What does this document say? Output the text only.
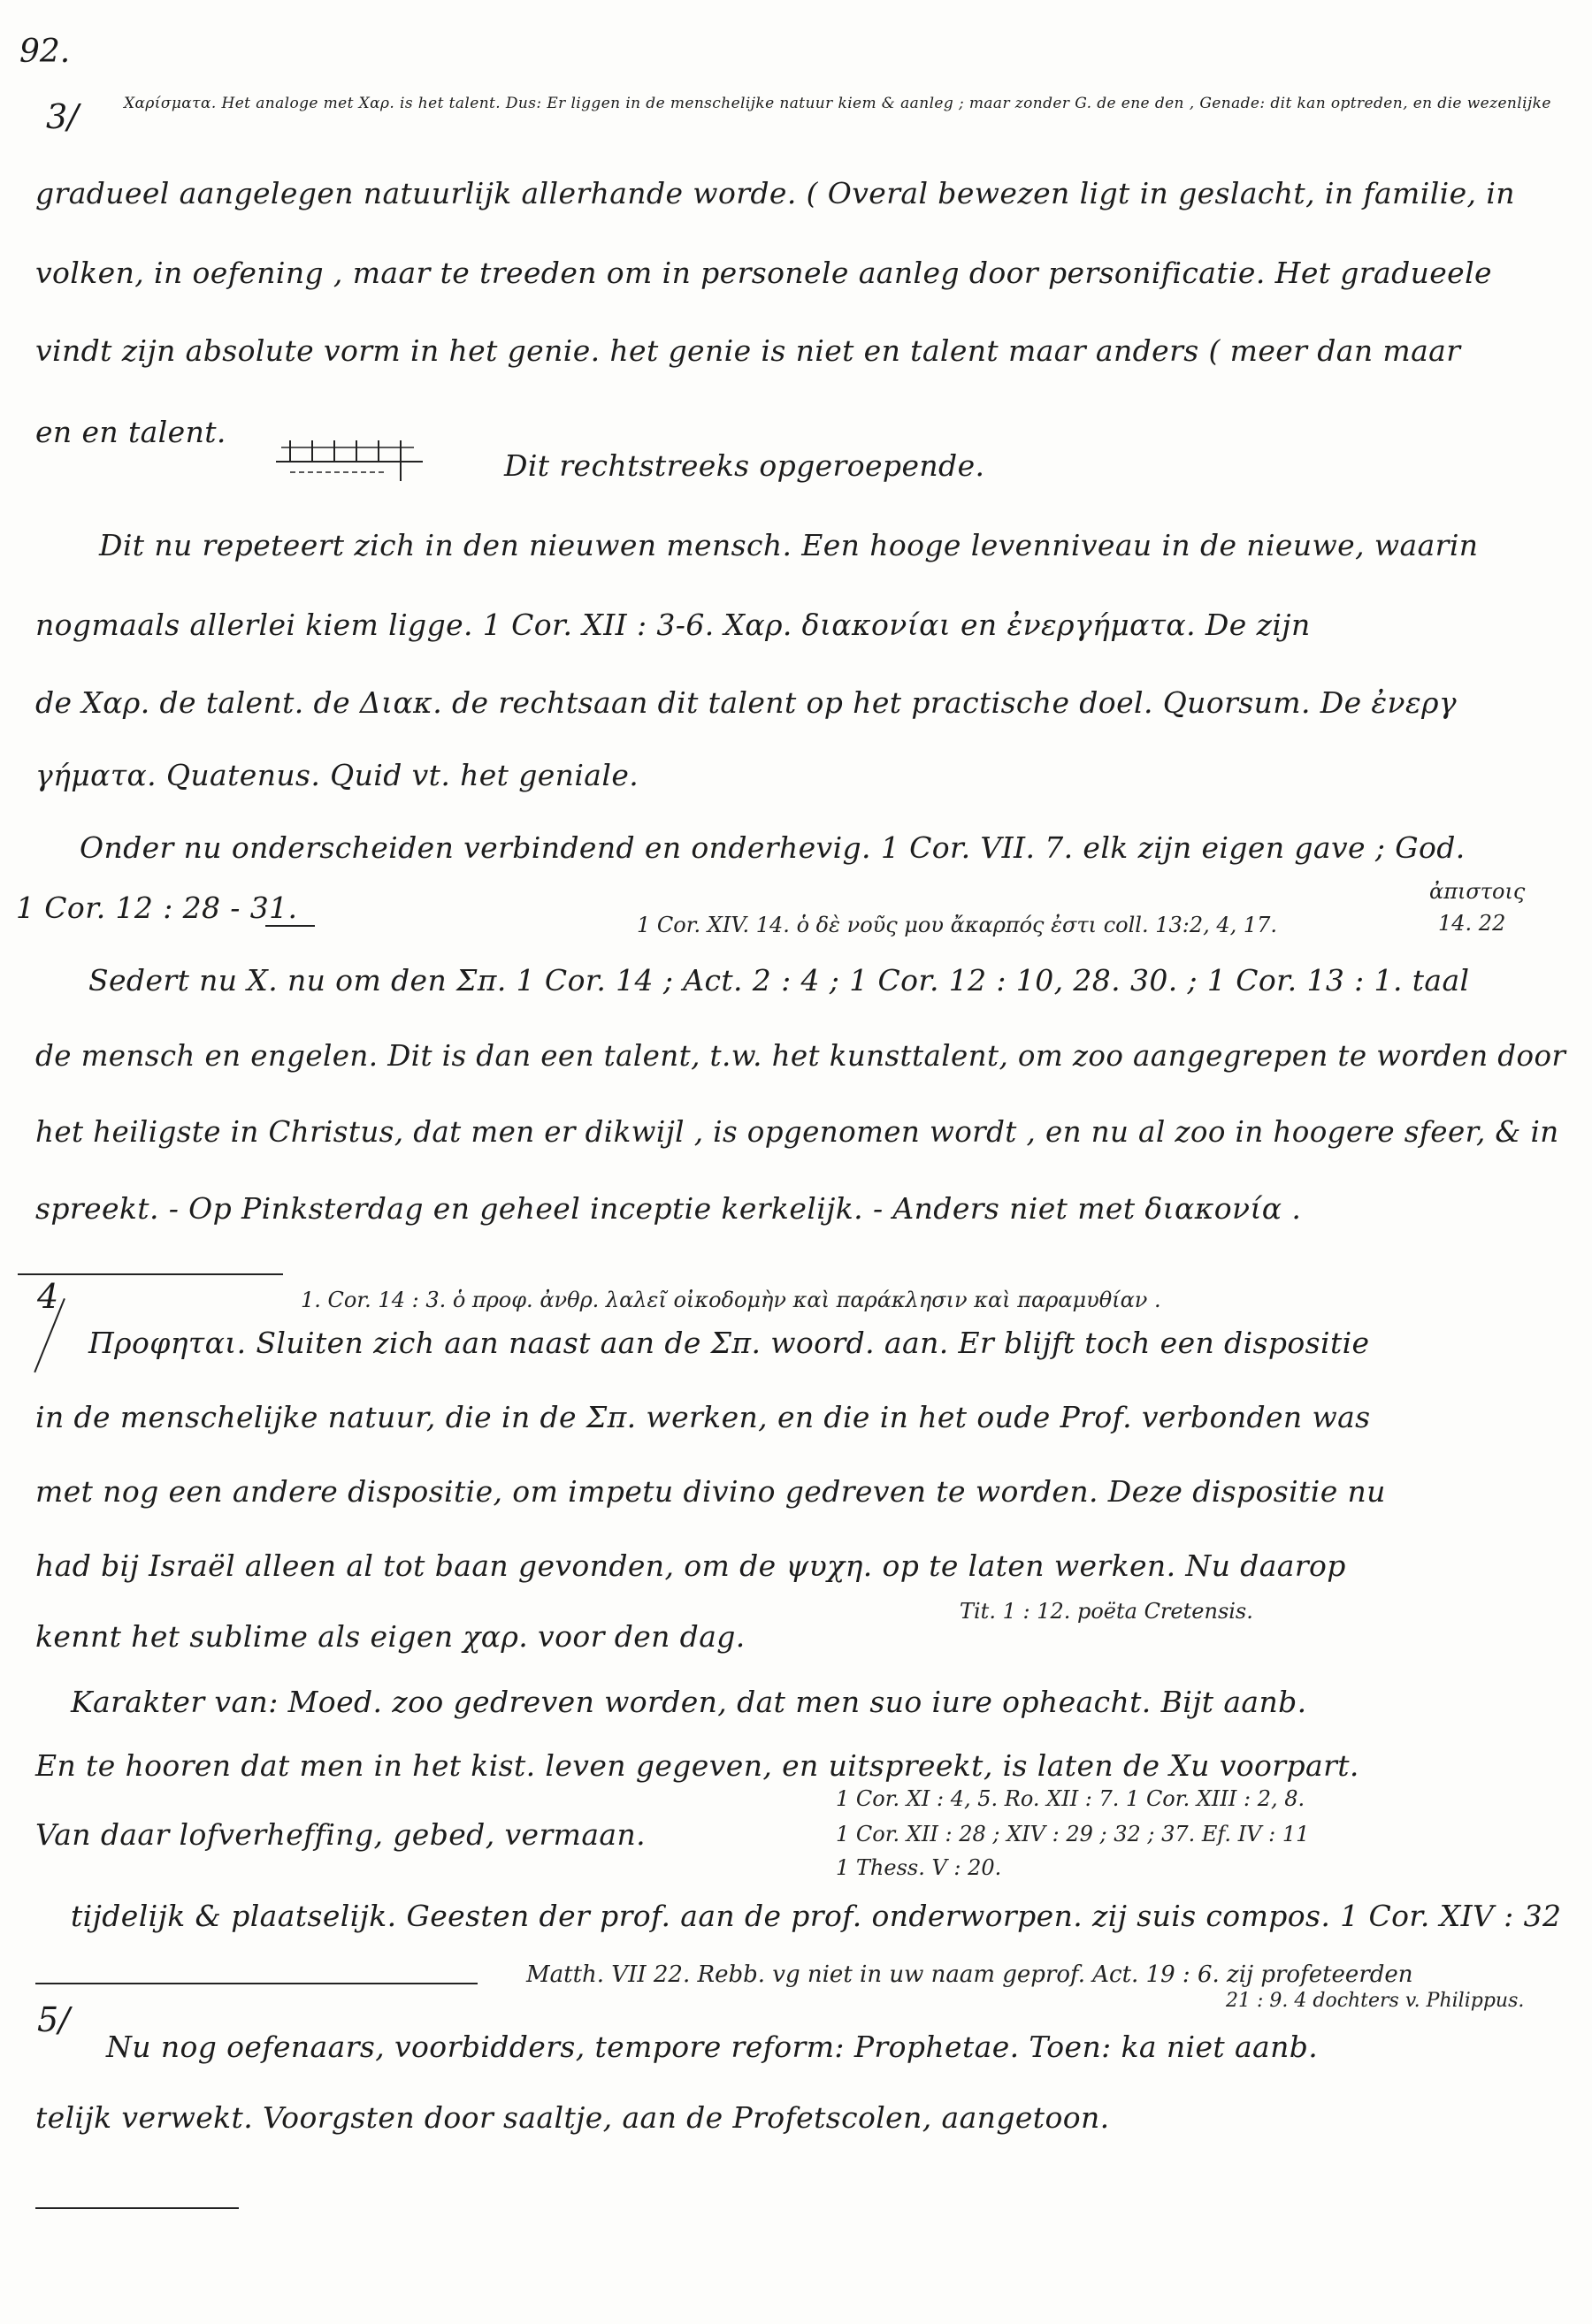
92.
3/	Χαρίσματα. Het analoge met Χαρ. is het talent. Dus: Er liggen in de menschelijke natuur kiem & aanleg ; maar zonder G. de ene den , Genade: dit kan optreden, en die wezenlijke
gradueel aangelegen natuurlijk allerhande worde. ( Overal bewezen ligt in geslacht, in familie, in
volken, in oefening , maar te treeden om in personele aanleg door personificatie. Het gradueele
vindt zijn absolute vorm in het genie. het genie is niet en talent maar anders ( meer dan maar
en en talent.
Dit rechtstreeks opgeroepende.
Dit nu repeteert zich in den nieuwen mensch. Een hooge levenniveau in de nieuwe, waarin
nogmaals allerlei kiem ligge. 1 Cor. XII : 3-6. Χαρ. διακονίαι en ἐνεργήματα. De zijn
de Χαρ. de talent. de Διακ. de rechtsaan dit talent op het practische doel. Quorsum. De ἐνεργ
γήματα. Quatenus. Quid vt. het geniale.
Onder nu onderscheiden verbindend en onderhevig. 1 Cor. VII. 7. elk zijn eigen gave ; God.
1 Cor. 12 : 28 - 31.	1 Cor. XIV. 14. ὁ δὲ νοῦς μου ἄκαρπός ἐστι coll. 13:2, 4, 17.
ἀπιστοις
14. 22
Sedert nu X. nu om den Σπ. 1 Cor. 14 ; Act. 2 : 4 ; 1 Cor. 12 : 10, 28. 30. ; 1 Cor. 13 : 1. taal
de mensch en engelen. Dit is dan een talent, t.w. het kunsttalent, om zoo aangegrepen te worden door
het heiligste in Christus, dat men er dikwijl , is opgenomen wordt , en nu al zoo in hoogere sfeer, & in
spreekt. - Op Pinksterdag en geheel inceptie kerkelijk. - Anders niet met διακονία .
4	1. Cor. 14 : 3. ὁ προφ. ἀνθρ. λαλεῖ οἰκοδομὴν καὶ παράκλησιν καὶ παραμυθίαν .
Προφηται. Sluiten zich aan naast aan de Σπ. woord. aan. Er blijft toch een dispositie
in de menschelijke natuur, die in de Σπ. werken, en die in het oude Prof. verbonden was
met nog een andere dispositie, om impetu divino gedreven te worden. Deze dispositie nu
had bij Israël alleen al tot baan gevonden, om de ψυχη. op te laten werken. Nu daarop
kennt het sublime als eigen χαρ. voor den dag.
Tit. 1 : 12. poëta Cretensis.
Karakter van: Moed. zoo gedreven worden, dat men suo iure opheacht. Bijt aanb.
En te hooren dat men in het kist. leven gegeven, en uitspreekt, is laten de Xu voorpart.
1 Cor. XI : 4, 5. Ro. XII : 7. 1 Cor. XIII : 2, 8.
Van daar lofverheffing, gebed, vermaan.	1 Cor. XII : 28 ; XIV : 29 ; 32 ; 37. Ef. IV : 11
1 Thess. V : 20.
tijdelijk & plaatselijk. Geesten der prof. aan de prof. onderworpen. zij suis compos. 1 Cor. XIV : 32
Matth. VII 22. Rebb. vg niet in uw naam geprof. Act. 19 : 6. zij profeteerden
21 : 9. 4 dochters v. Philippus.
5/
Nu nog oefenaars, voorbidders, tempore reform: Prophetae. Toen: ka niet aanb.
telijk verwekt. Voorgsten door saaltje, aan de Profetscolen, aangetoon.
